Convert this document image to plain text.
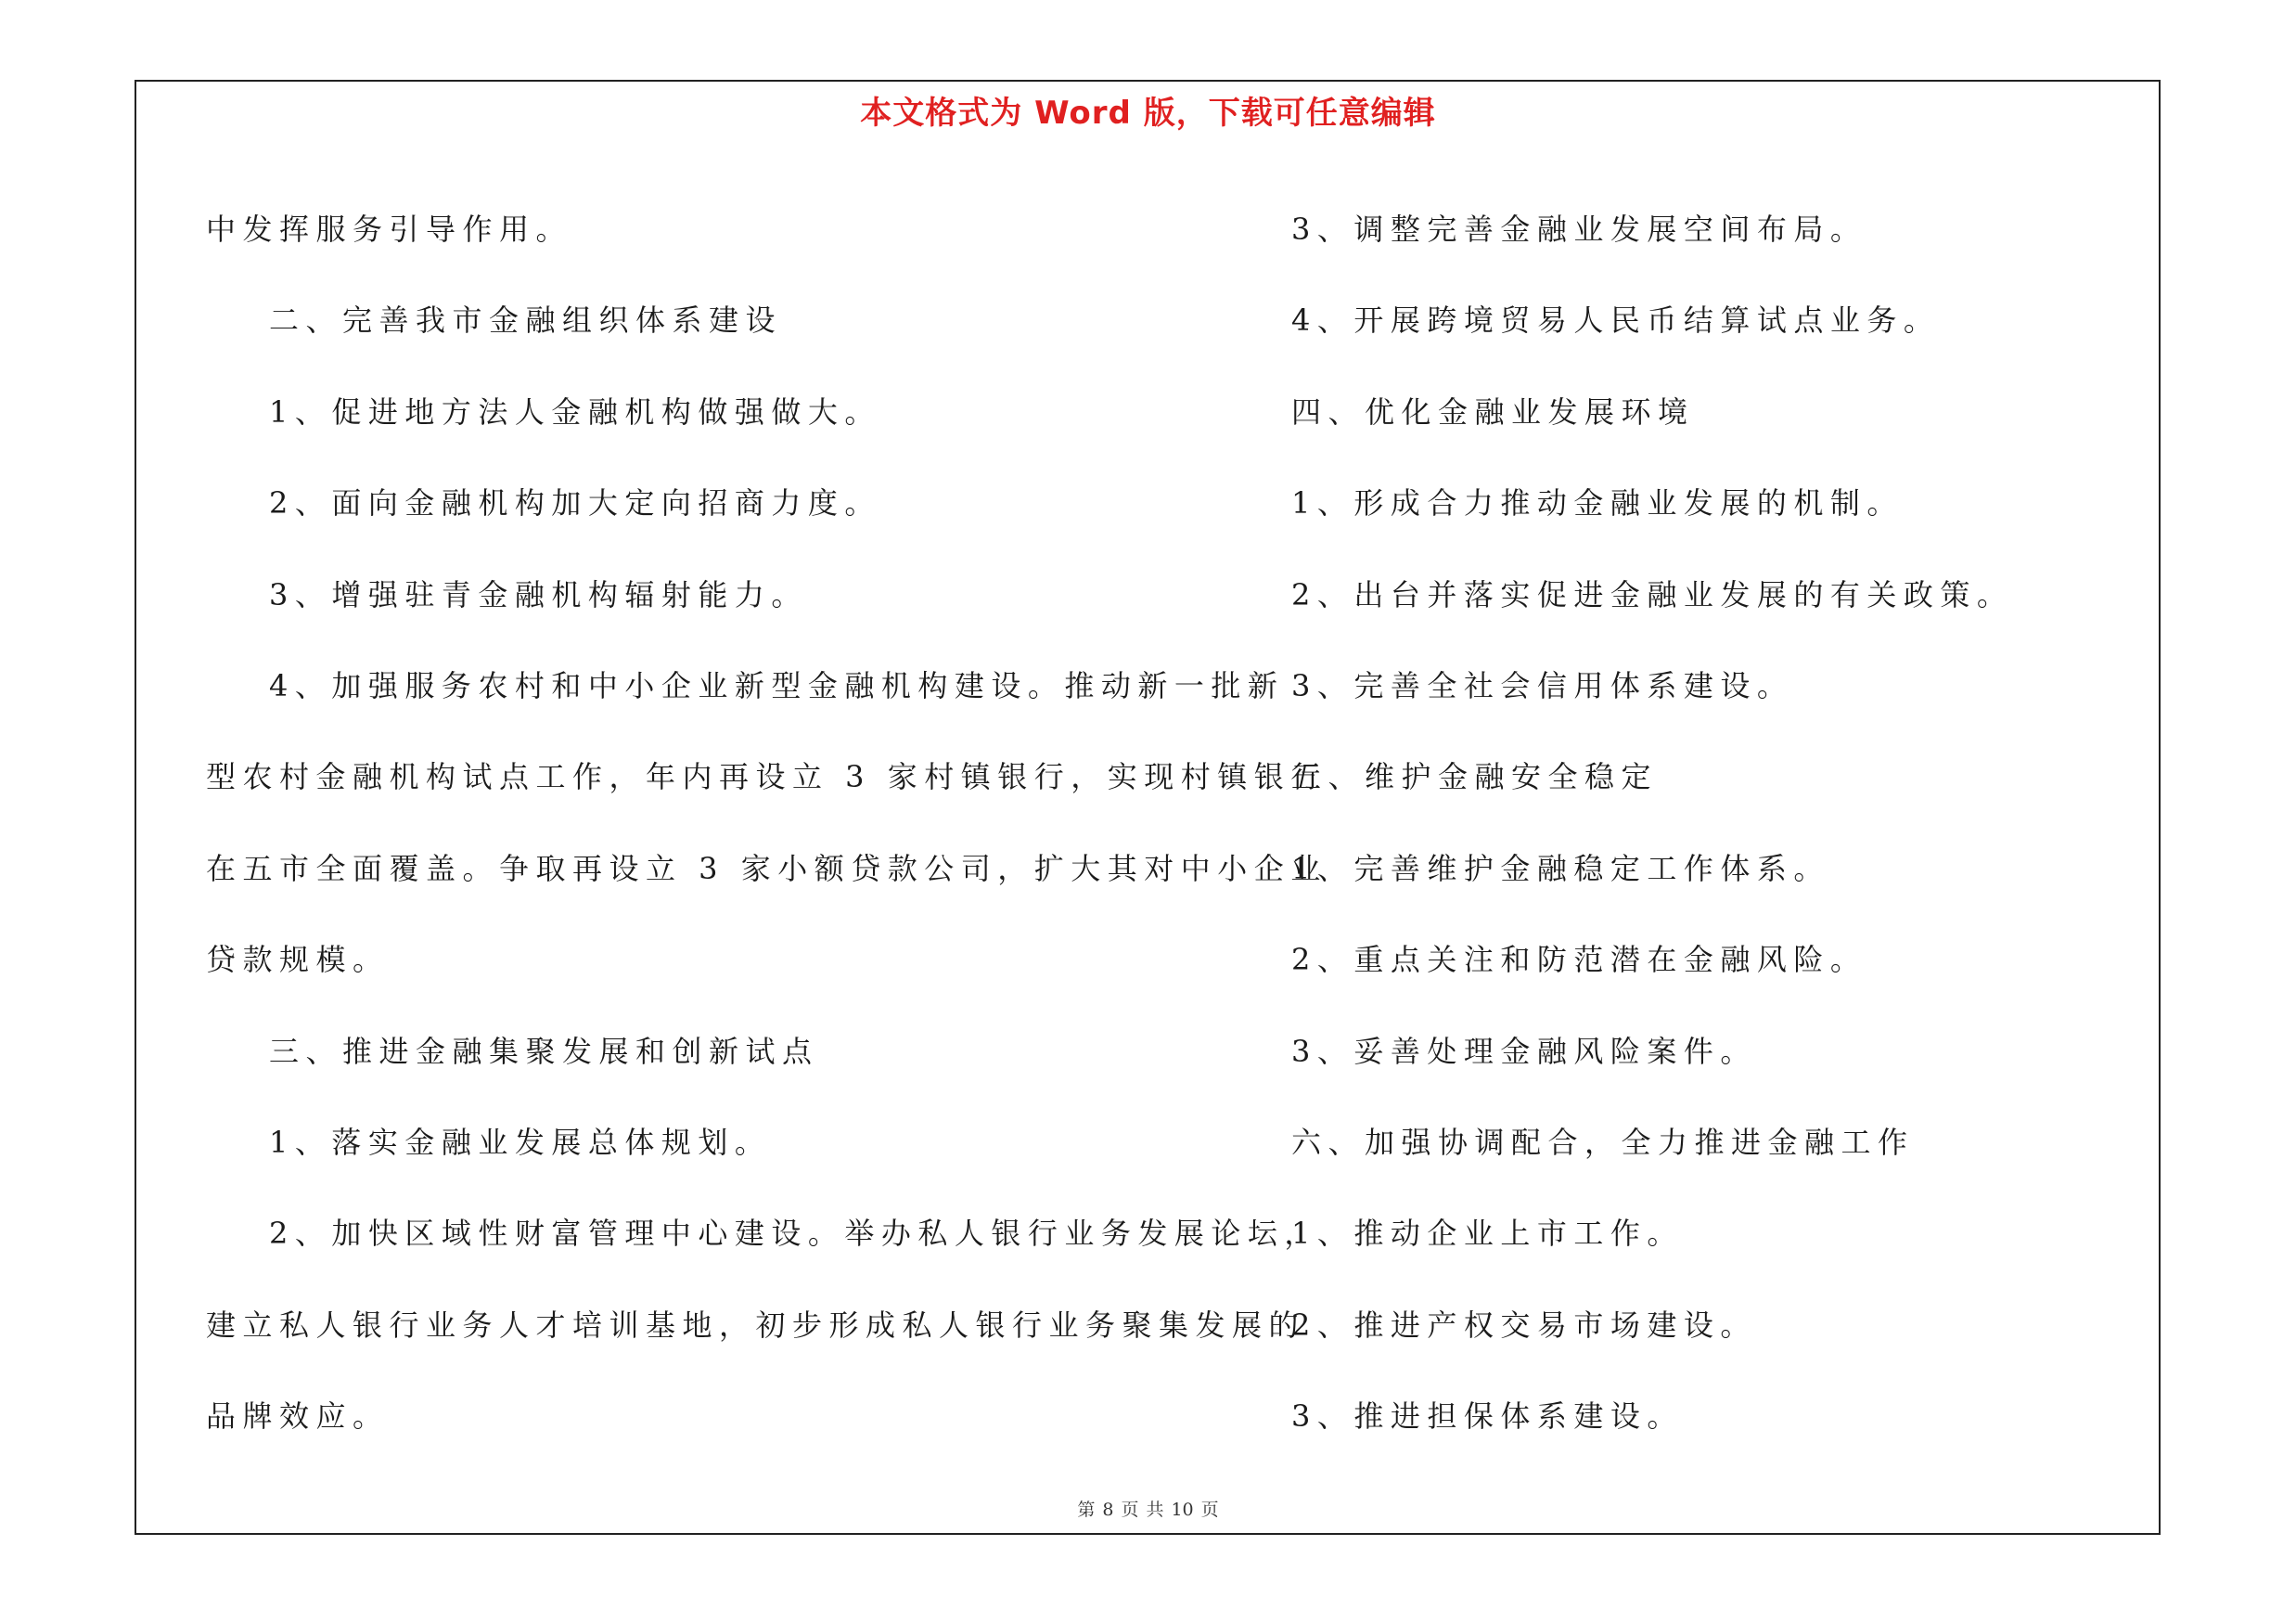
本文格式为 Word 版，下载可任意编辑
中发挥服务引导作用。
二、完善我市金融组织体系建设
1、促进地方法人金融机构做强做大。
2、面向金融机构加大定向招商力度。
3、增强驻青金融机构辐射能力。
4、加强服务农村和中小企业新型金融机构建设。推动新一批新
型农村金融机构试点工作，年内再设立 3 家村镇银行，实现村镇银行
在五市全面覆盖。争取再设立 3 家小额贷款公司，扩大其对中小企业
贷款规模。
三、推进金融集聚发展和创新试点
1、落实金融业发展总体规划。
2、加快区域性财富管理中心建设。举办私人银行业务发展论坛，
建立私人银行业务人才培训基地，初步形成私人银行业务聚集发展的
品牌效应。
3、调整完善金融业发展空间布局。
4、开展跨境贸易人民币结算试点业务。
四、优化金融业发展环境
1、形成合力推动金融业发展的机制。
2、出台并落实促进金融业发展的有关政策。
3、完善全社会信用体系建设。
五、维护金融安全稳定
1、完善维护金融稳定工作体系。
2、重点关注和防范潜在金融风险。
3、妥善处理金融风险案件。
六、加强协调配合，全力推进金融工作
1、推动企业上市工作。
2、推进产权交易市场建设。
3、推进担保体系建设。
第 8 页 共 10 页
